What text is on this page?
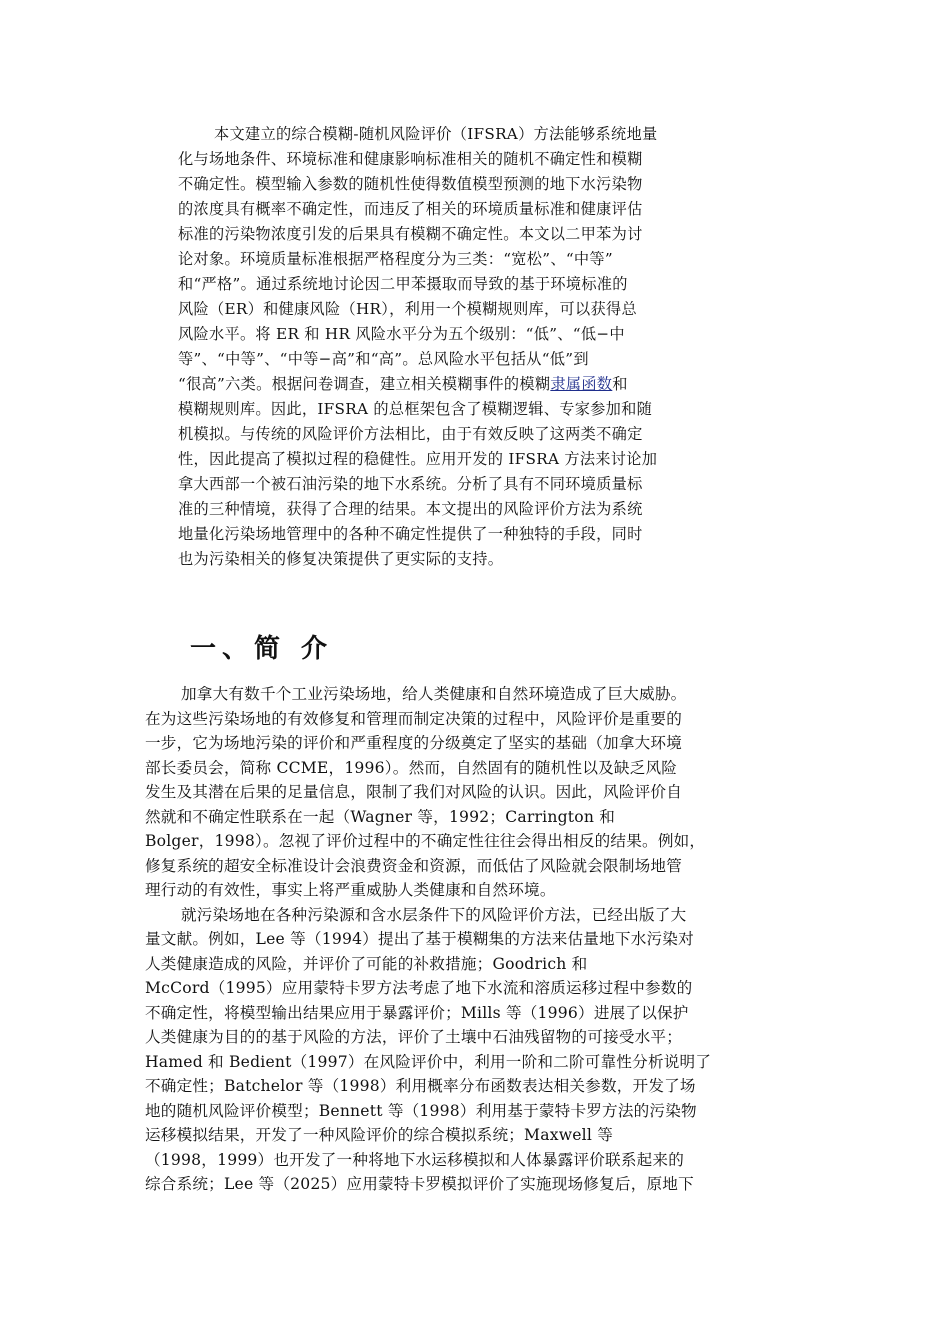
本文建立的综合模糊-随机风险评价（IFSRA）方法能够系统地量
化与场地条件、环境标准和健康影响标准相关的随机不确定性和模糊
不确定性。模型输入参数的随机性使得数值模型预测的地下水污染物
的浓度具有概率不确定性，而违反了相关的环境质量标准和健康评估
标准的污染物浓度引发的后果具有模糊不确定性。本文以二甲苯为讨
论对象。环境质量标准根据严格程度分为三类：“宽松”、“中等”
和“严格”。通过系统地讨论因二甲苯摄取而导致的基于环境标准的
风险（ER）和健康风险（HR），利用一个模糊规则库，可以获得总
风险水平。将 ER 和 HR 风险水平分为五个级别：“低”、“低−中
等”、“中等”、“中等−高”和“高”。总风险水平包括从“低”到
“很高”六类。根据问卷调查，建立相关模糊事件的模糊隶属函数和
模糊规则库。因此，IFSRA 的总框架包含了模糊逻辑、专家参加和随
机模拟。与传统的风险评价方法相比，由于有效反映了这两类不确定
性，因此提高了模拟过程的稳健性。应用开发的 IFSRA 方法来讨论加
拿大西部一个被石油污染的地下水系统。分析了具有不同环境质量标
准的三种情境，获得了合理的结果。本文提出的风险评价方法为系统
地量化污染场地管理中的各种不确定性提供了一种独特的手段，同时
也为污染相关的修复决策提供了更实际的支持。
一、简 介
加拿大有数千个工业污染场地，给人类健康和自然环境造成了巨大威胁。
在为这些污染场地的有效修复和管理而制定决策的过程中，风险评价是重要的
一步，它为场地污染的评价和严重程度的分级奠定了坚实的基础（加拿大环境
部长委员会，简称 CCME，1996）。然而，自然固有的随机性以及缺乏风险
发生及其潜在后果的足量信息，限制了我们对风险的认识。因此，风险评价自
然就和不确定性联系在一起（Wagner 等，1992；Carrington 和
Bolger，1998）。忽视了评价过程中的不确定性往往会得出相反的结果。例如，
修复系统的超安全标准设计会浪费资金和资源，而低估了风险就会限制场地管
理行动的有效性，事实上将严重威胁人类健康和自然环境。
就污染场地在各种污染源和含水层条件下的风险评价方法，已经出版了大
量文献。例如，Lee 等（1994）提出了基于模糊集的方法来估量地下水污染对
人类健康造成的风险，并评价了可能的补救措施；Goodrich 和
McCord（1995）应用蒙特卡罗方法考虑了地下水流和溶质运移过程中参数的
不确定性，将模型输出结果应用于暴露评价；Mills 等（1996）进展了以保护
人类健康为目的的基于风险的方法，评价了土壤中石油残留物的可接受水平；
Hamed 和 Bedient（1997）在风险评价中，利用一阶和二阶可靠性分析说明了
不确定性；Batchelor 等（1998）利用概率分布函数表达相关参数，开发了场
地的随机风险评价模型；Bennett 等（1998）利用基于蒙特卡罗方法的污染物
运移模拟结果，开发了一种风险评价的综合模拟系统；Maxwell 等
（1998，1999）也开发了一种将地下水运移模拟和人体暴露评价联系起来的
综合系统；Lee 等（2025）应用蒙特卡罗模拟评价了实施现场修复后，原地下
